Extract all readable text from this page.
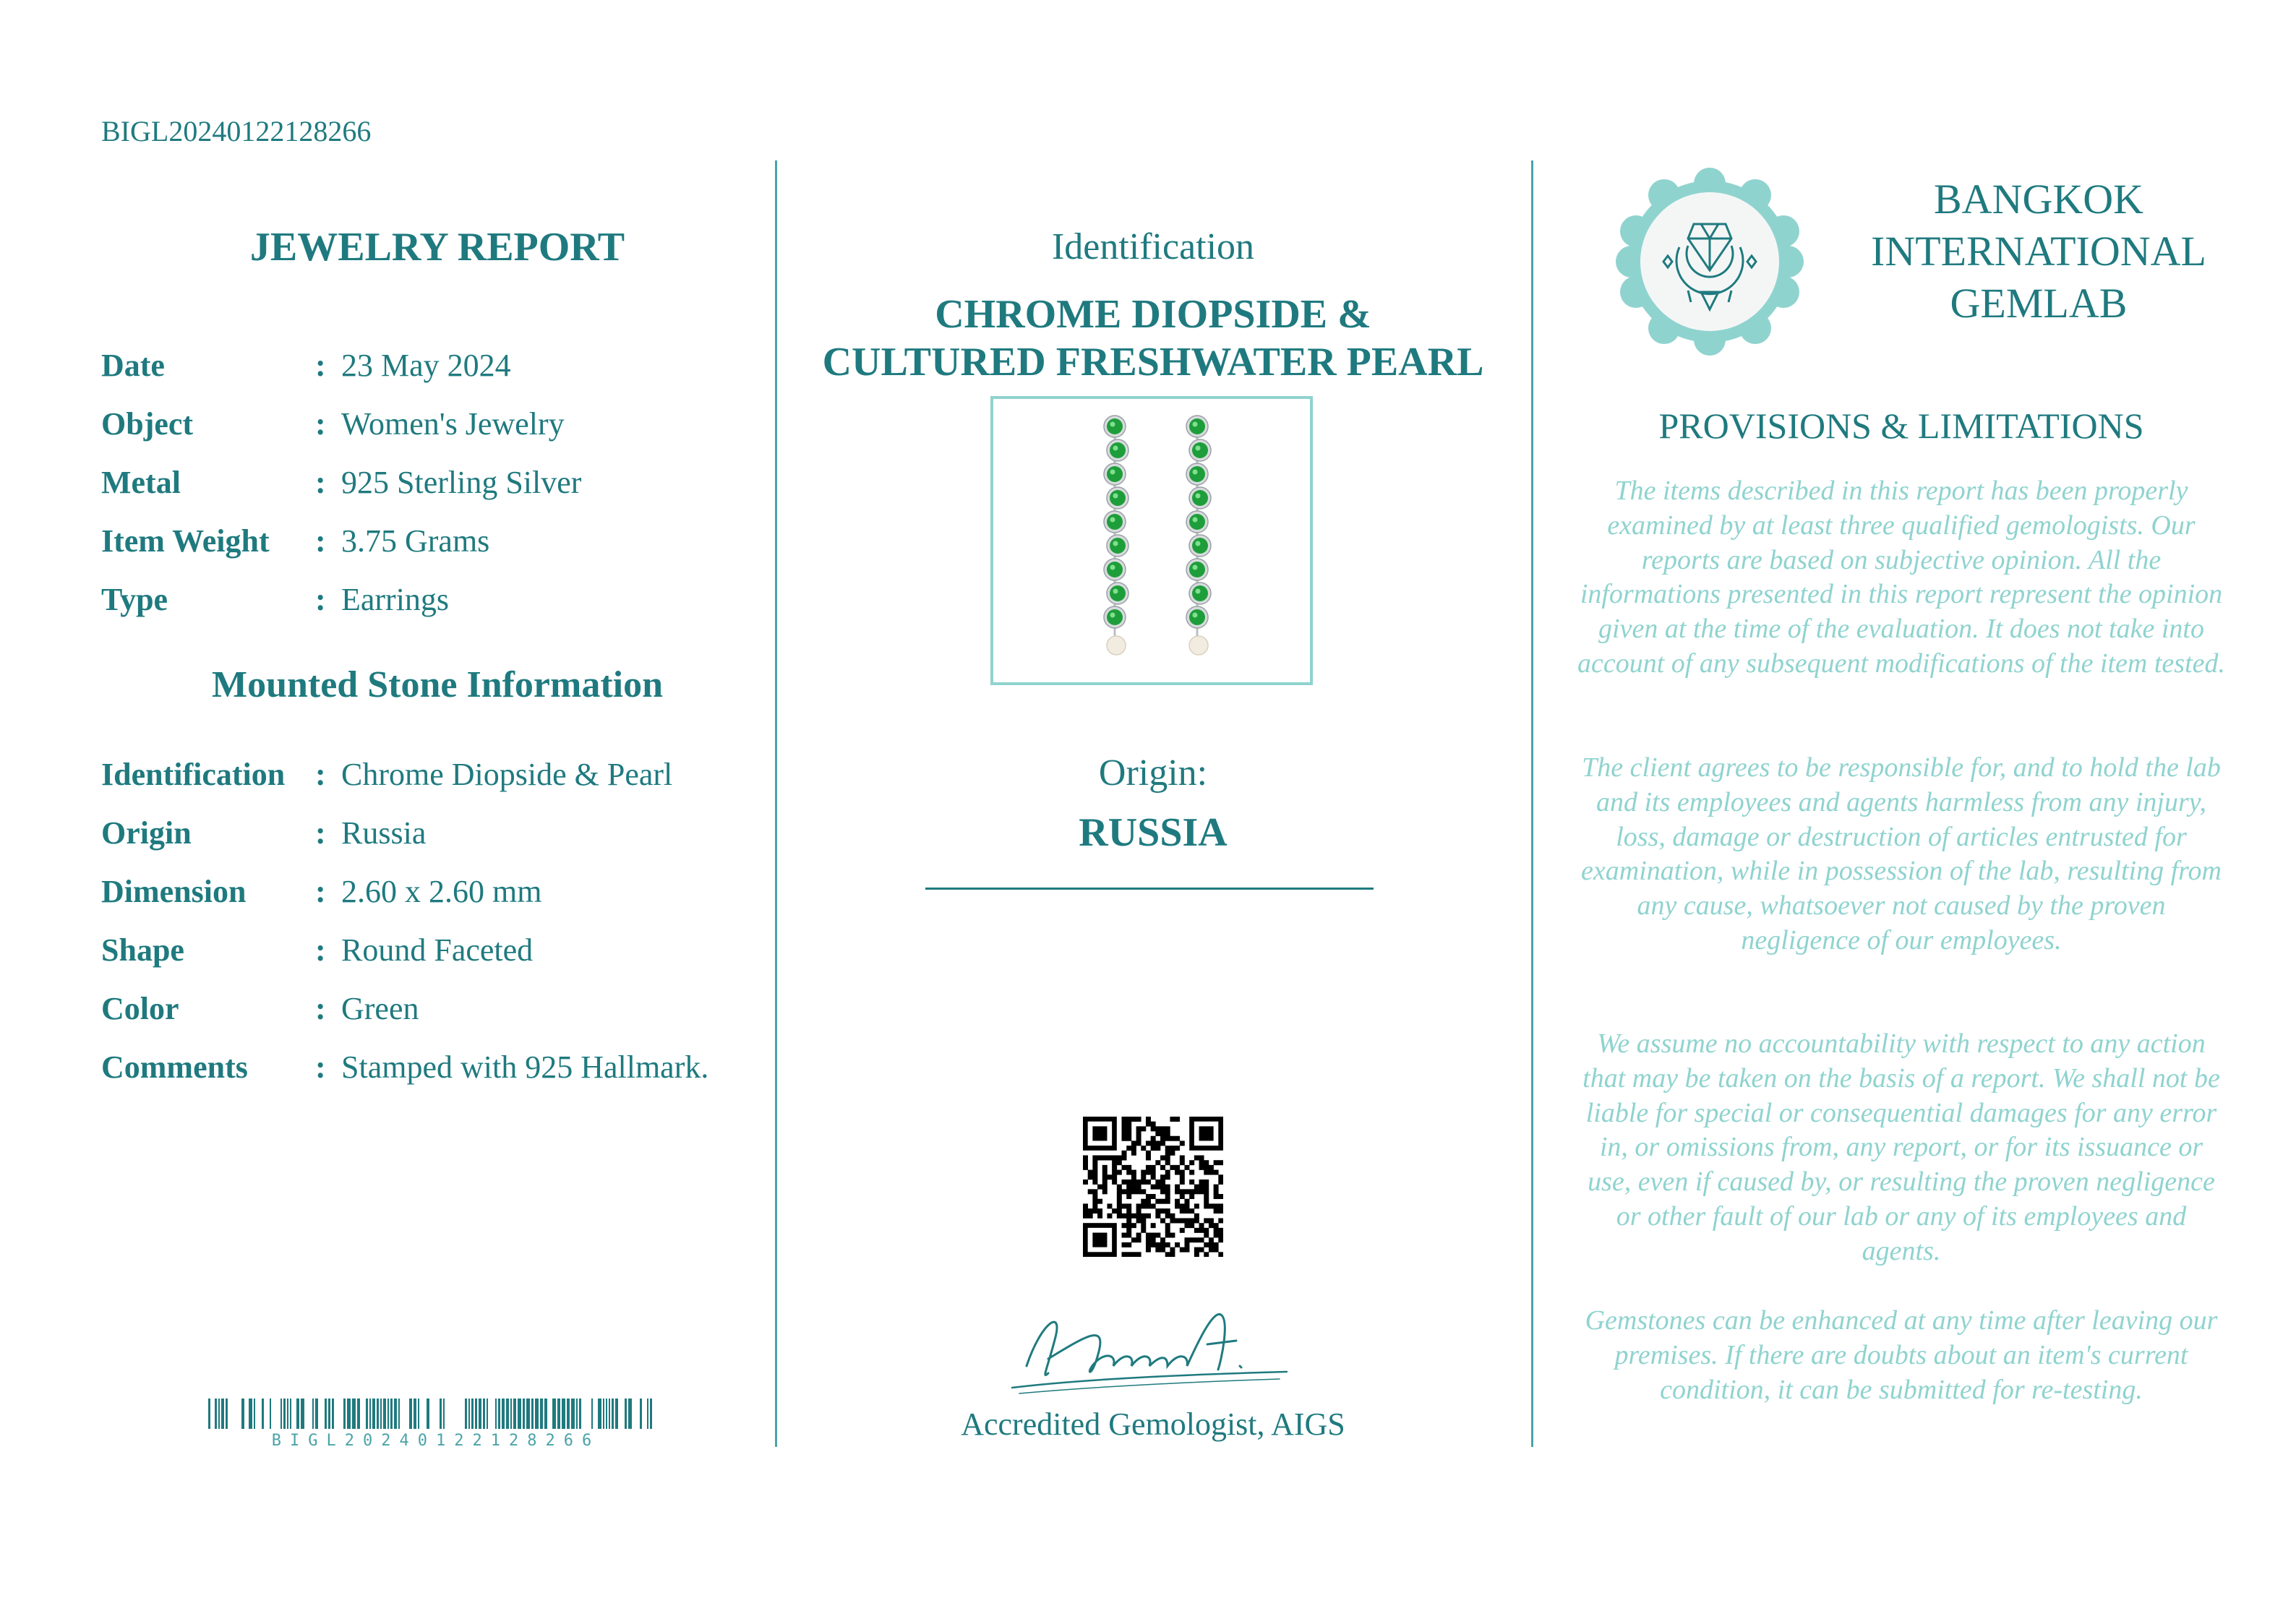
BIGL20240122128266
JEWELRY REPORT
Date	: 23 May 2024
Object	: Women's Jewelry
Metal	: 925 Sterling Silver
Item Weight : 3.75 Grams
Type	: Earrings
Mounted Stone Information
Identification : Chrome Diopside & Pearl
Origin	: Russia
Dimension : 2.60 x 2.60 mm
Shape	: Round Faceted
Color	: Green
Comments : Stamped with 925 Hallmark.
BIGL20240122128266
Identification
CHROME DIOPSIDE &
CULTURED FRESHWATER PEARL
Origin:
RUSSIA
Accredited Gemologist, AIGS
BANGKOK
INTERNATIONAL
GEMLAB
PROVISIONS & LIMITATIONS
The items described in this report has been properly examined by at least three qualified gemologists. Our reports are based on subjective opinion. All the informations presented in this report represent the opinion given at the time of the evaluation. It does not take into account of any subsequent modifications of the item tested.
The client agrees to be responsible for, and to hold the lab and its employees and agents harmless from any injury, loss, damage or destruction of articles entrusted for examination, while in possession of the lab, resulting from any cause, whatsoever not caused by the proven negligence of our employees.
We assume no accountability with respect to any action that may be taken on the basis of a report. We shall not be liable for special or consequential damages for any error in, or omissions from, any report, or for its issuance or use, even if caused by, or resulting the proven negligence or other fault of our lab or any of its employees and agents.
Gemstones can be enhanced at any time after leaving our premises. If there are doubts about an item's current condition, it can be submitted for re-testing.
